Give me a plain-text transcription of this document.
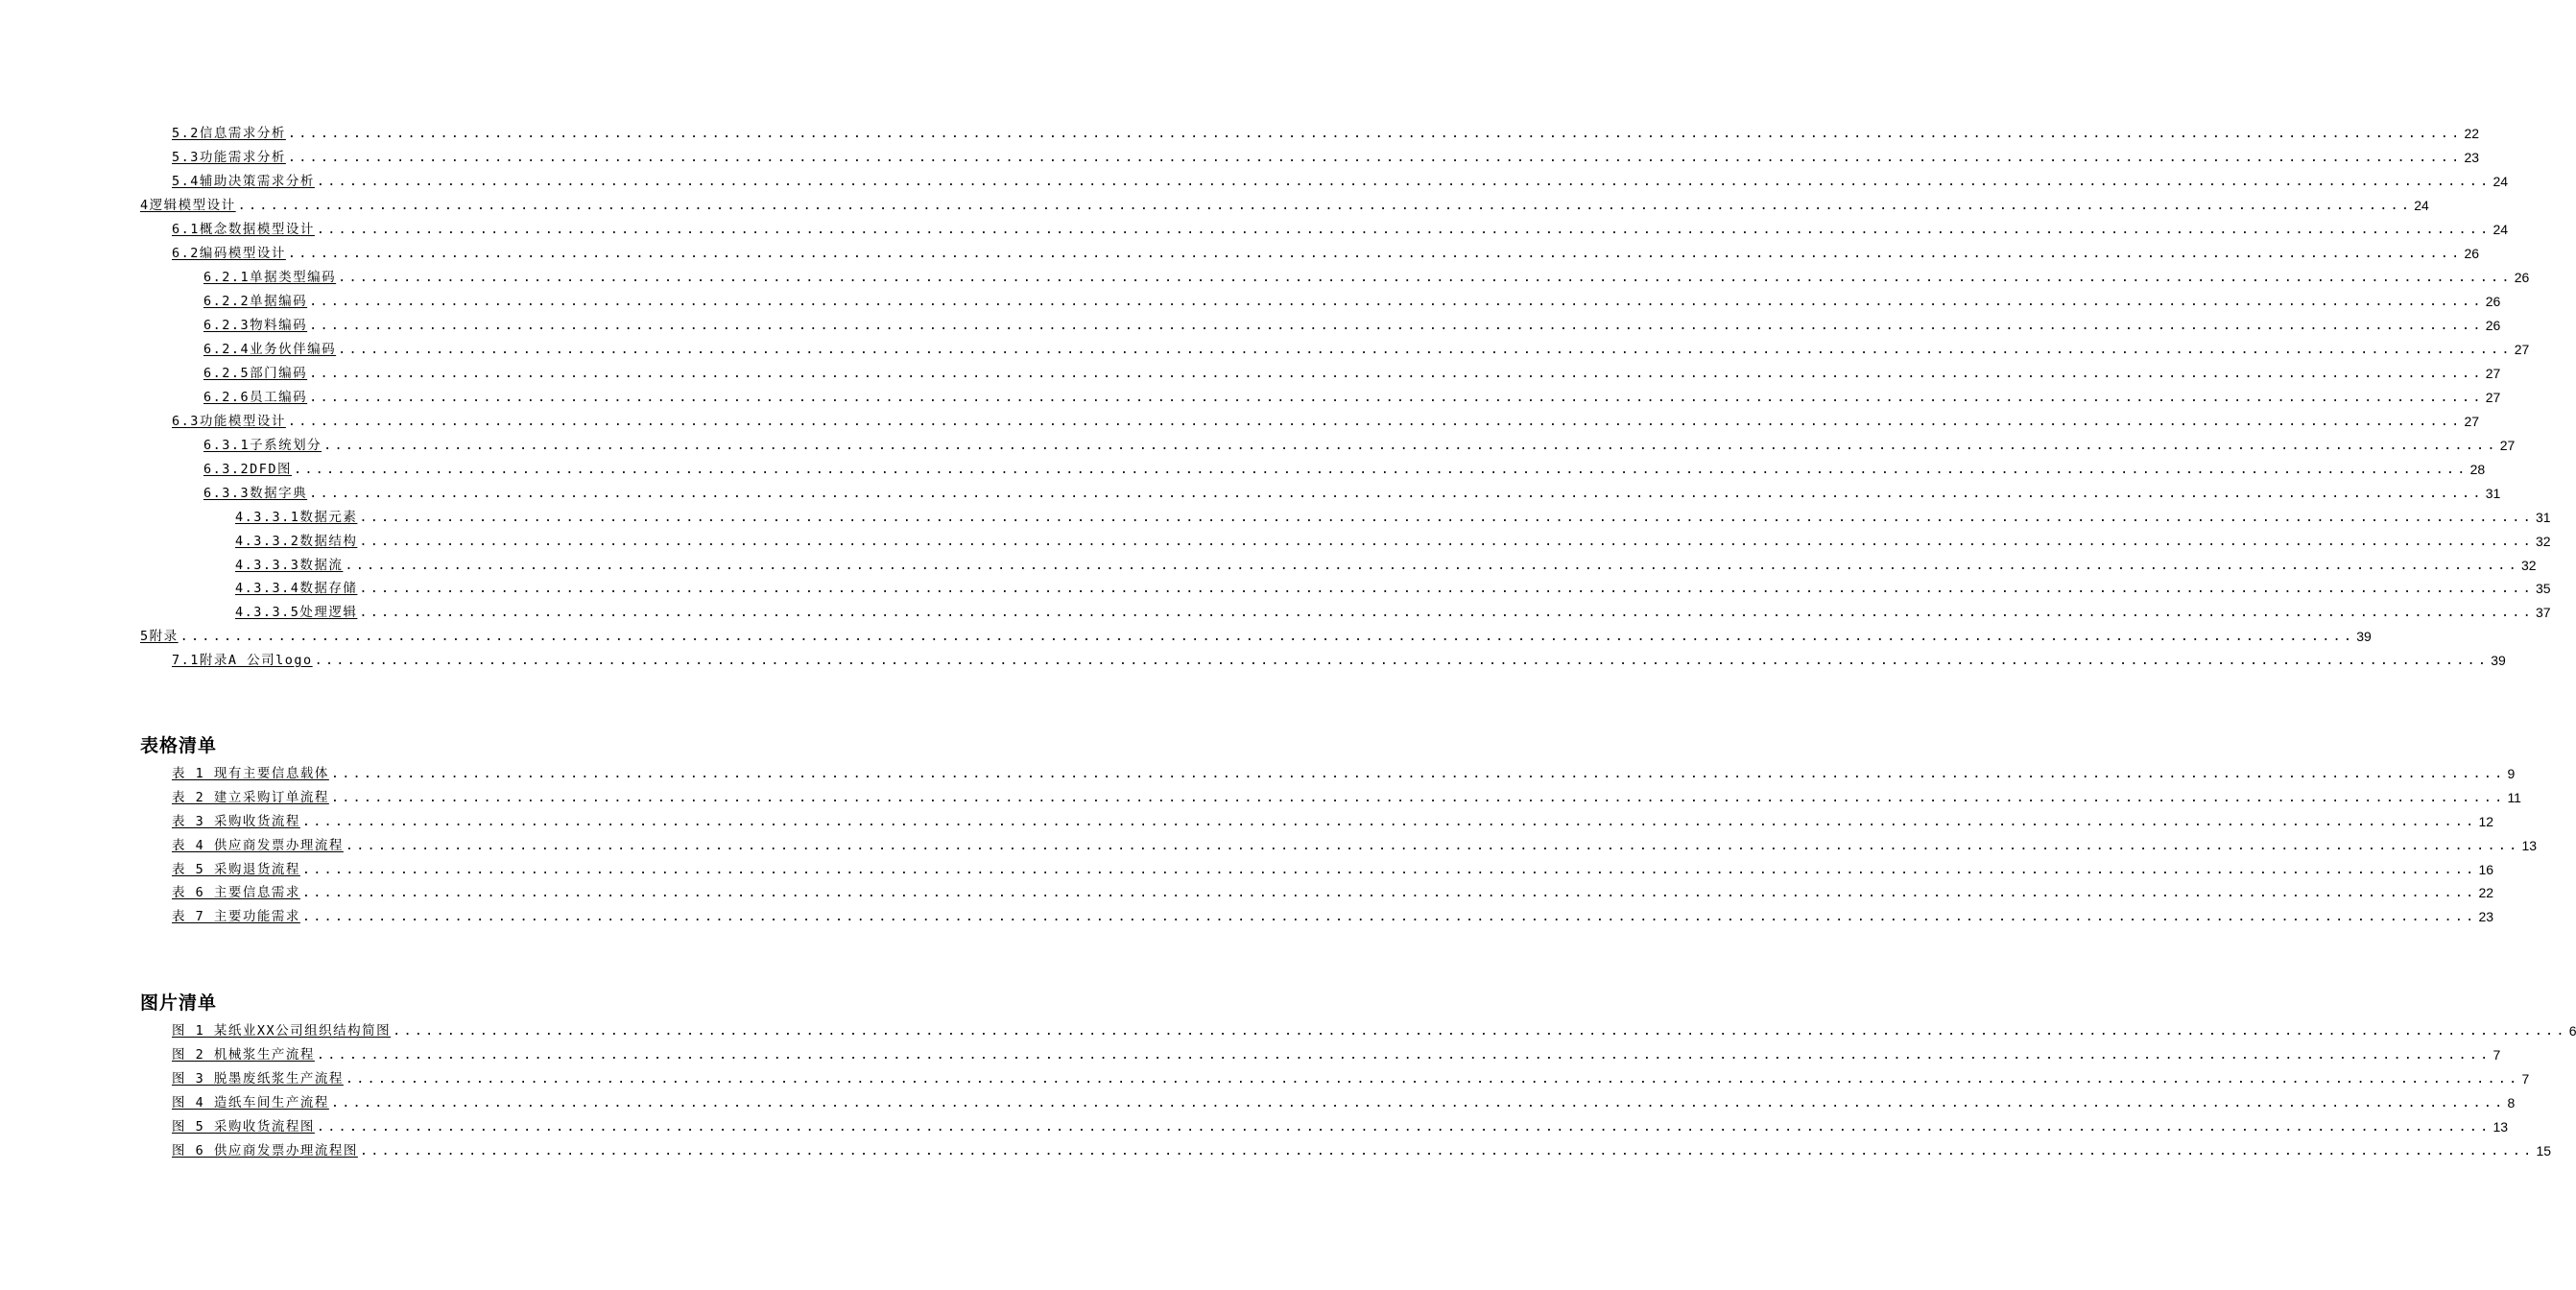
5.2信息需求分析 ........................................................................................................................................................................................................ 22
5.3功能需求分析 ........................................................................................................................................................................................................ 23
5.4辅助决策需求分析 ........................................................................................................................................................................................................ 24
4逻辑模型设计 ........................................................................................................................................................................................................ 24
6.1概念数据模型设计 ........................................................................................................................................................................................................ 24
6.2编码模型设计 ........................................................................................................................................................................................................ 26
6.2.1单据类型编码 ........................................................................................................................................................................................................ 26
6.2.2单据编码 ........................................................................................................................................................................................................ 26
6.2.3物料编码 ........................................................................................................................................................................................................ 26
6.2.4业务伙伴编码 ........................................................................................................................................................................................................ 27
6.2.5部门编码 ........................................................................................................................................................................................................ 27
6.2.6员工编码 ........................................................................................................................................................................................................ 27
6.3功能模型设计 ........................................................................................................................................................................................................ 27
6.3.1子系统划分 ........................................................................................................................................................................................................ 27
6.3.2DFD图 ........................................................................................................................................................................................................ 28
6.3.3数据字典 ........................................................................................................................................................................................................ 31
4.3.3.1数据元素 ........................................................................................................................................................................................................ 31
4.3.3.2数据结构 ........................................................................................................................................................................................................ 32
4.3.3.3数据流 ........................................................................................................................................................................................................ 32
4.3.3.4数据存储 ........................................................................................................................................................................................................ 35
4.3.3.5处理逻辑 ........................................................................................................................................................................................................ 37
5附录 ........................................................................................................................................................................................................ 39
7.1附录A 公司logo ........................................................................................................................................................................................................ 39
表格清单
表 1 现有主要信息载体 ........................................................................................................................................................................................................ 9
表 2 建立采购订单流程 ........................................................................................................................................................................................................ 11
表 3 采购收货流程 ........................................................................................................................................................................................................ 12
表 4 供应商发票办理流程 ........................................................................................................................................................................................................ 13
表 5 采购退货流程 ........................................................................................................................................................................................................ 16
表 6 主要信息需求 ........................................................................................................................................................................................................ 22
表 7 主要功能需求 ........................................................................................................................................................................................................ 23
图片清单
图 1 某纸业XX公司组织结构简图 ........................................................................................................................................................................................................ 6
图 2 机械浆生产流程 ........................................................................................................................................................................................................ 7
图 3 脱墨废纸浆生产流程 ........................................................................................................................................................................................................ 7
图 4 造纸车间生产流程 ........................................................................................................................................................................................................ 8
图 5 采购收货流程图 ........................................................................................................................................................................................................ 13
图 6 供应商发票办理流程图 ........................................................................................................................................................................................................ 15
